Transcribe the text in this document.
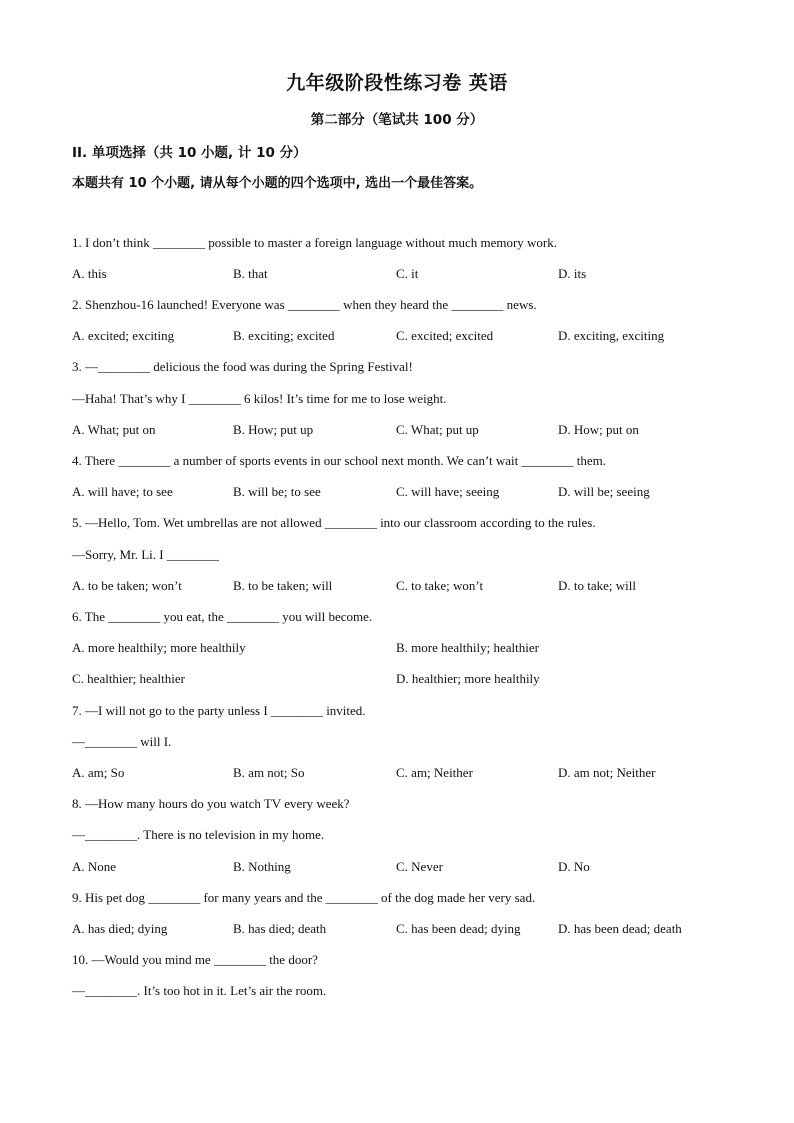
九年级阶段性练习卷 英语
第二部分（笔试共 100 分）
II. 单项选择（共 10 小题, 计 10 分）
本题共有 10 个小题, 请从每个小题的四个选项中, 选出一个最佳答案。
1. I don’t think ________ possible to master a foreign language without much memory work.
A. this	B. that	C. it	D. its
2. Shenzhou-16 launched! Everyone was ________ when they heard the ________ news.
A. excited; exciting	B. exciting; excited	C. excited; excited	D. exciting, exciting
3. —________ delicious the food was during the Spring Festival!
—Haha! That’s why I ________ 6 kilos! It’s time for me to lose weight.
A. What; put on	B. How; put up	C. What; put up	D. How; put on
4. There ________ a number of sports events in our school next month. We can’t wait ________ them.
A. will have; to see	B. will be; to see	C. will have; seeing	D. will be; seeing
5. —Hello, Tom. Wet umbrellas are not allowed ________ into our classroom according to the rules.
—Sorry, Mr. Li. I ________
A. to be taken; won’t	B. to be taken; will	C. to take; won’t	D. to take; will
6. The ________ you eat, the ________ you will become.
A. more healthily; more healthily	B. more healthily; healthier
C. healthier; healthier	D. healthier; more healthily
7. —I will not go to the party unless I ________ invited.
—________ will I.
A. am; So	B. am not; So	C. am; Neither	D. am not; Neither
8. —How many hours do you watch TV every week?
—________. There is no television in my home.
A. None	B. Nothing	C. Never	D. No
9. His pet dog ________ for many years and the ________ of the dog made her very sad.
A. has died; dying	B. has died; death	C. has been dead; dying	D. has been dead; death
10. —Would you mind me ________ the door?
—________. It’s too hot in it. Let’s air the room.
